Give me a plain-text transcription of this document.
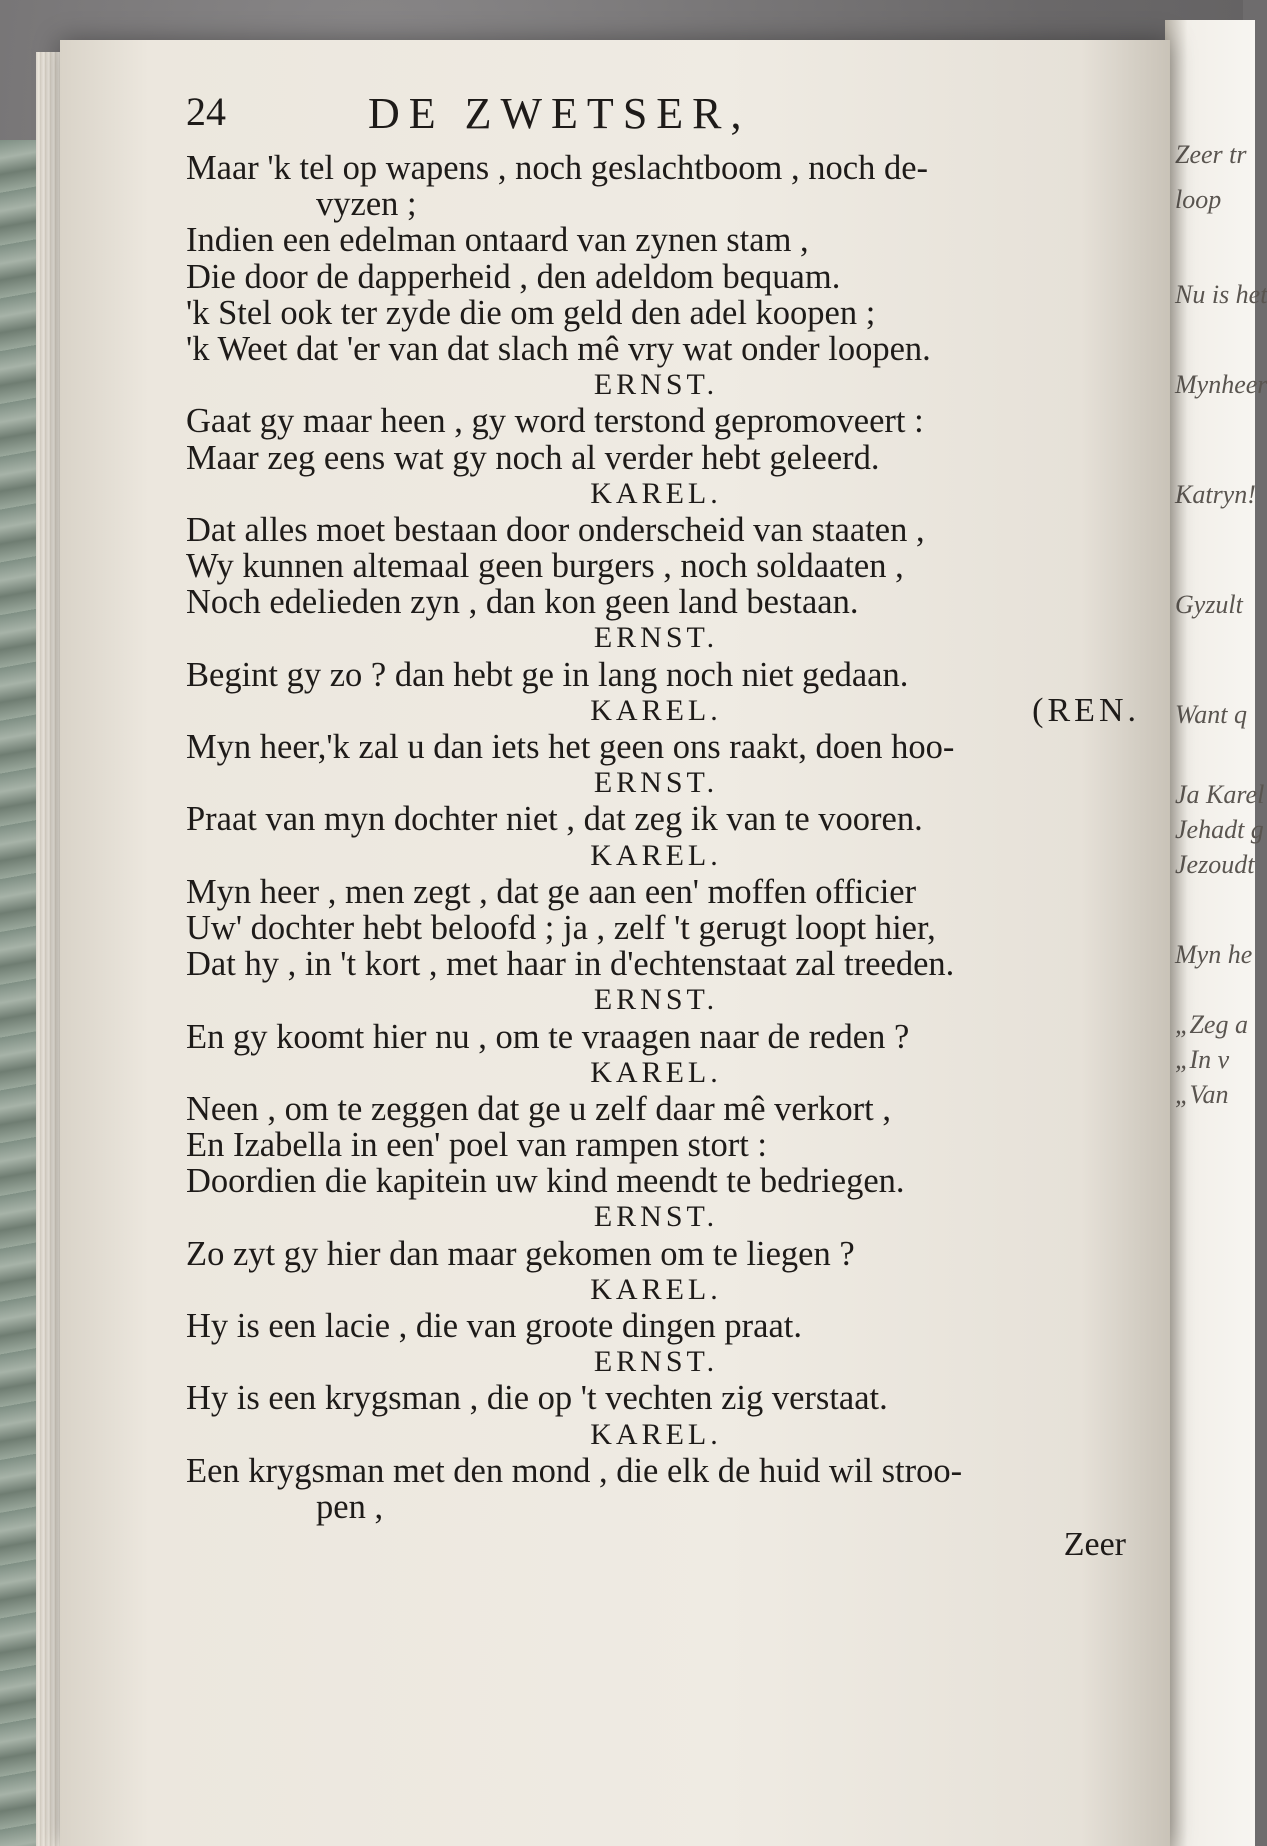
Zeer tr
loop
Nu is het
Mynheer
Katryn!
Gyzult
Want q
Ja Karel
Jehadt g
Jezoudt
Myn he
„Zeg a
„In v
„Van
24	DE ZWETSER,
Maar 'k tel op wapens , noch geslachtboom , noch de-
vyzen ;
Indien een edelman ontaard van zynen stam ,
Die door de dapperheid , den adeldom bequam.
'k Stel ook ter zyde die om geld den adel koopen ;
'k Weet dat 'er van dat slach mê vry wat onder loopen.
ERNST.
Gaat gy maar heen , gy word terstond gepromoveert :
Maar zeg eens wat gy noch al verder hebt geleerd.
KAREL.
Dat alles moet bestaan door onderscheid van staaten ,
Wy kunnen altemaal geen burgers , noch soldaaten ,
Noch edelieden zyn , dan kon geen land bestaan.
ERNST.
Begint gy zo ? dan hebt ge in lang noch niet gedaan.
KAREL.	(REN.
Myn heer,'k zal u dan iets het geen ons raakt, doen hoo-
ERNST.
Praat van myn dochter niet , dat zeg ik van te vooren.
KAREL.
Myn heer , men zegt , dat ge aan een' moffen officier
Uw' dochter hebt beloofd ; ja , zelf 't gerugt loopt hier,
Dat hy , in 't kort , met haar in d'echtenstaat zal treeden.
ERNST.
En gy koomt hier nu , om te vraagen naar de reden ?
KAREL.
Neen , om te zeggen dat ge u zelf daar mê verkort ,
En Izabella in een' poel van rampen stort :
Doordien die kapitein uw kind meendt te bedriegen.
ERNST.
Zo zyt gy hier dan maar gekomen om te liegen ?
KAREL.
Hy is een lacie , die van groote dingen praat.
ERNST.
Hy is een krygsman , die op 't vechten zig verstaat.
KAREL.
Een krygsman met den mond , die elk de huid wil stroo-
pen ,
Zeer
